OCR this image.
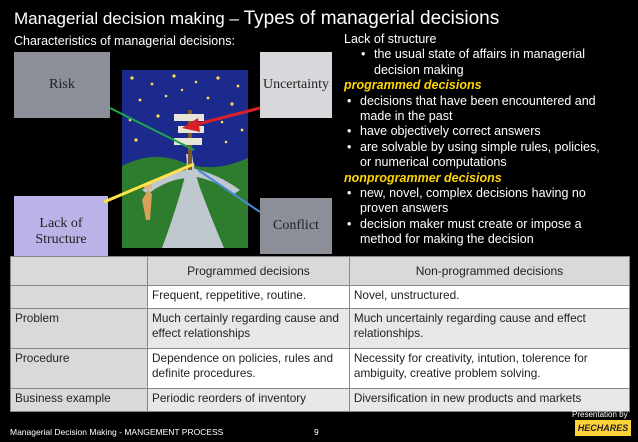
Managerial decision making – Types of managerial decisions
Characteristics of managerial decisions:
Risk	Uncertainty
Lack of
Structure
Conflict
Lack of structure
• the usual state of affairs in managerial
decision making
programmed decisions
• decisions that have been encountered and
made in the past
• have objectively correct answers
• are solvable by using simple rules, policies,
or numerical computations
nonprogrammer decisions
• new, novel, complex decisions having no
proven answers
• decision maker must create or impose a
method for making the decision
	Programmed decisions	Non-programmed decisions
	Frequent, reppetitive, routine.	Novel, unstructured.
Problem	Much certainly regarding cause and effect relationships	Much uncertainly regarding cause and effect relationships.
Procedure	Dependence on policies, rules and definite procedures.	Necessity for creativity, intution, tolerence for ambiguity, creative problem solving.
Business example	Periodic reorders of inventory	Diversification in new products and markets
Managerial Decision Making - MANGEMENT PROCESS	9
Presentation by
HECHARES
